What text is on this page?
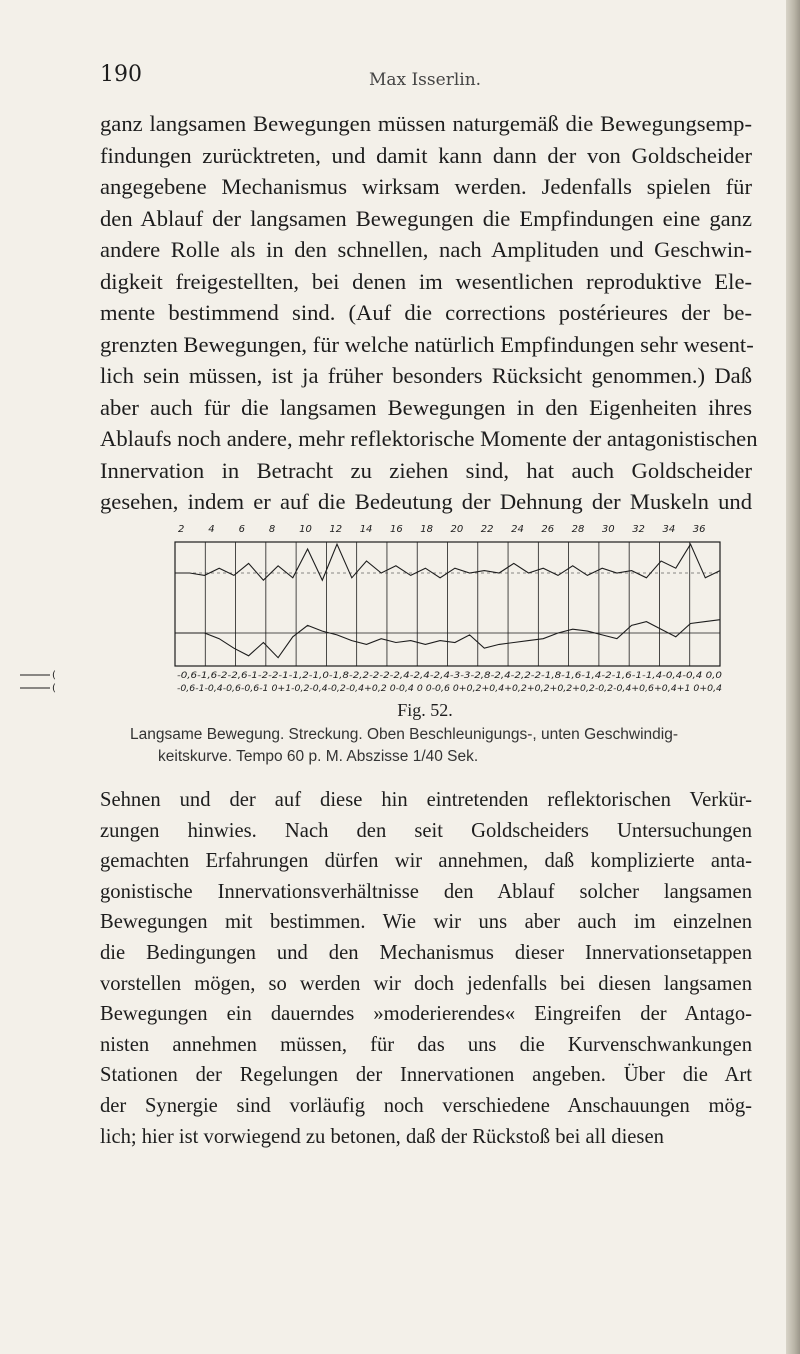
190	Max Isserlin.
ganz langsamen Bewegungen müssen naturgemäß die Bewegungsemp-
findungen zurücktreten, und damit kann dann der von Goldscheider
angegebene Mechanismus wirksam werden. Jedenfalls spielen für
den Ablauf der langsamen Bewegungen die Empfindungen eine ganz
andere Rolle als in den schnellen, nach Amplituden und Geschwin-
digkeit freigestellten, bei denen im wesentlichen reproduktive Ele-
mente bestimmend sind. (Auf die corrections postérieures der be-
grenzten Bewegungen, für welche natürlich Empfindungen sehr wesent-
lich sein müssen, ist ja früher besonders Rücksicht genommen.) Daß
aber auch für die langsamen Bewegungen in den Eigenheiten ihres
Ablaufs noch andere, mehr reflektorische Momente der antagonistischen
Innervation in Betracht zu ziehen sind, hat auch Goldscheider
gesehen, indem er auf die Bedeutung der Dehnung der Muskeln und
2 4 6 8 10 12 14 16 18 20 22 24 26 28 30 32 34 36
(	-0,6-1,6-2-2,6-1-2-2-1-1,2-1,0-1,8-2,2-2-2-2,4-2,4-2,4-3-3-2,8-2,4-2,2-2-1,8-1,6-1,4-2-1,6-1-1,4-0,4-0,4 0,0
(	-0,6-1-0,4-0,6-0,6-1 0+1-0,2-0,4-0,2-0,4+0,2 0-0,4 0 0-0,6 0+0,2+0,4+0,2+0,2+0,2+0,2-0,2-0,4+0,6+0,4+1 0+0,4
Fig. 52.
Langsame Bewegung. Streckung. Oben Beschleunigungs-, unten Geschwindig-
keitskurve. Tempo 60 p. M. Abszisse 1/40 Sek.
Sehnen und der auf diese hin eintretenden reflektorischen Verkür-
zungen hinwies. Nach den seit Goldscheiders Untersuchungen
gemachten Erfahrungen dürfen wir annehmen, daß komplizierte anta-
gonistische Innervationsverhältnisse den Ablauf solcher langsamen
Bewegungen mit bestimmen. Wie wir uns aber auch im einzelnen
die Bedingungen und den Mechanismus dieser Innervationsetappen
vorstellen mögen, so werden wir doch jedenfalls bei diesen langsamen
Bewegungen ein dauerndes »moderierendes« Eingreifen der Antago-
nisten annehmen müssen, für das uns die Kurvenschwankungen
Stationen der Regelungen der Innervationen angeben. Über die Art
der Synergie sind vorläufig noch verschiedene Anschauungen mög-
lich; hier ist vorwiegend zu betonen, daß der Rückstoß bei all diesen
